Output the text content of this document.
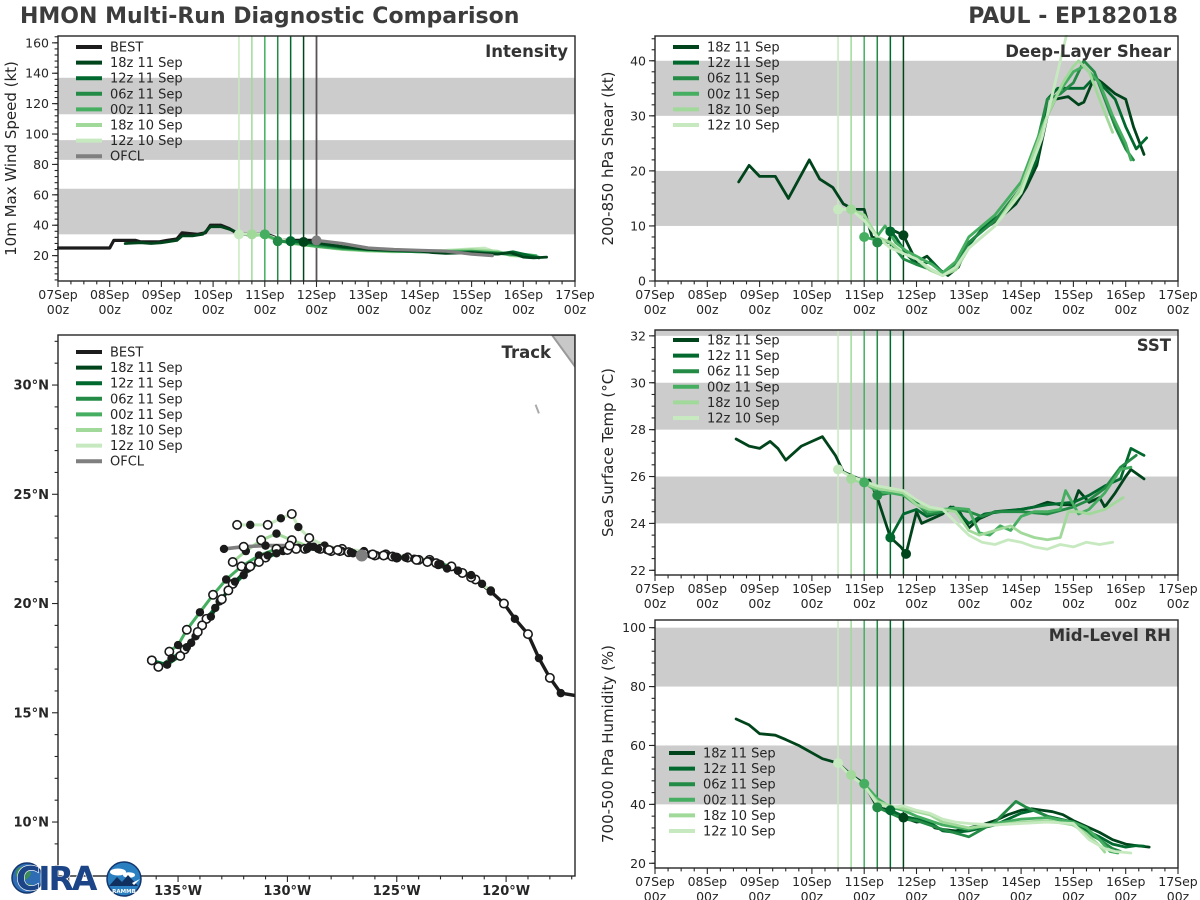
HMON Multi-Run Diagnostic Comparison	PAUL - EP182018
20
40
60
80
100
120
140
160
07Sep
00z
08Sep
00z
09Sep
00z
10Sep
00z
11Sep
00z
12Sep
00z
13Sep
00z
14Sep
00z
15Sep
00z
16Sep
00z
17Sep
00z
10m Max Wind Speed (kt)
Intensity
BEST
18z 11 Sep
12z 11 Sep
06z 11 Sep
00z 11 Sep
18z 10 Sep
12z 10 Sep
OFCL
0
10
20
30
40
07Sep
00z
08Sep
00z
09Sep
00z
10Sep
00z
11Sep
00z
12Sep
00z
13Sep
00z
14Sep
00z
15Sep
00z
16Sep
00z
17Sep
00z
200-850 hPa Shear (kt)
Deep-Layer Shear
18z 11 Sep
12z 11 Sep
06z 11 Sep
00z 11 Sep
18z 10 Sep
12z 10 Sep
22
24
26
28
30
32
07Sep
00z
08Sep
00z
09Sep
00z
10Sep
00z
11Sep
00z
12Sep
00z
13Sep
00z
14Sep
00z
15Sep
00z
16Sep
00z
17Sep
00z
Sea Surface Temp (°C)
SST
18z 11 Sep
12z 11 Sep
06z 11 Sep
00z 11 Sep
18z 10 Sep
12z 10 Sep
20
40
60
80
100
07Sep
00z
08Sep
00z
09Sep
00z
10Sep
00z
11Sep
00z
12Sep
00z
13Sep
00z
14Sep
00z
15Sep
00z
16Sep
00z
17Sep
00z
700-500 hPa Humidity (%)
Mid-Level RH
18z 11 Sep
12z 11 Sep
06z 11 Sep
00z 11 Sep
18z 10 Sep
12z 10 Sep
135°W	130°W	125°W	120°W
10°N
15°N
20°N
25°N
30°N
Track
BEST
18z 11 Sep
12z 11 Sep
06z 11 Sep
00z 11 Sep
18z 10 Sep
12z 10 Sep
OFCL
CIRA	RAMMB
